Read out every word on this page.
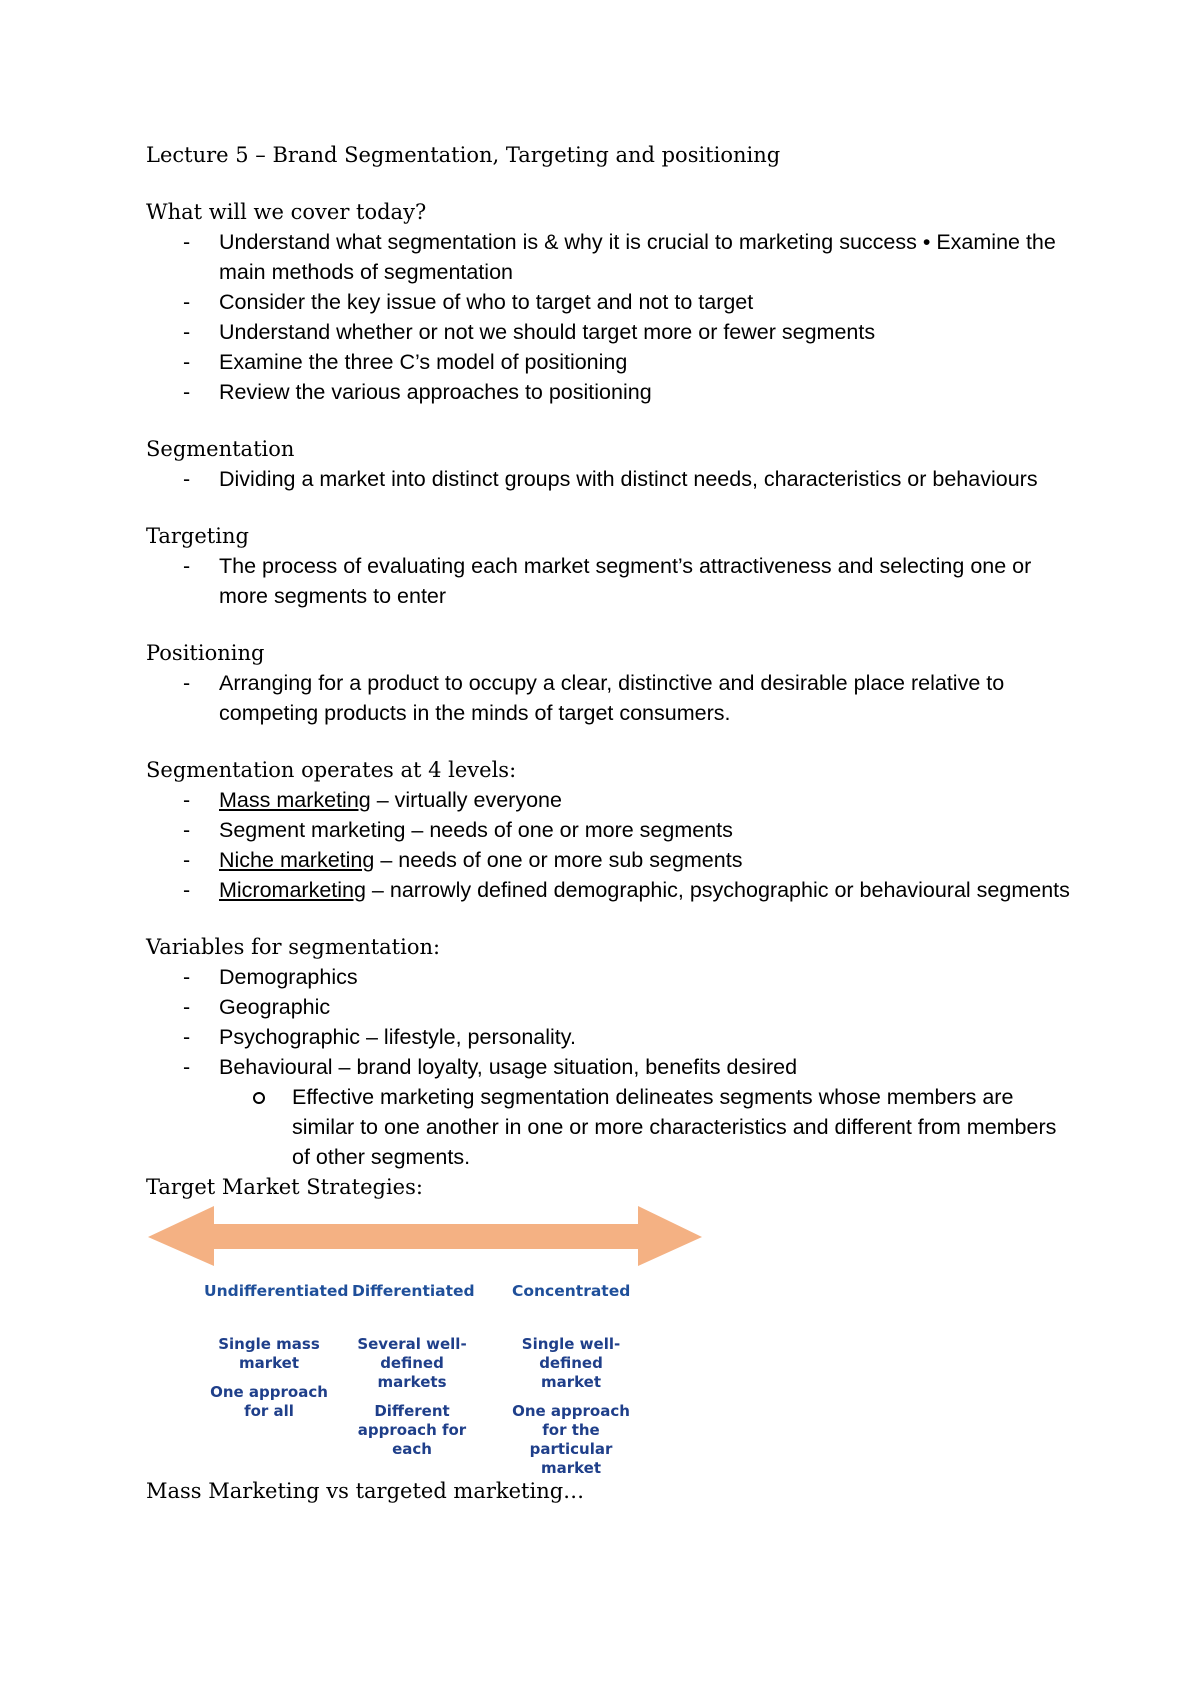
Lecture 5 – Brand Segmentation, Targeting and positioning

What will we cover today?

- Understand what segmentation is & why it is crucial to marketing success • Examine the main methods of segmentation
- Consider the key issue of who to target and not to target
- Understand whether or not we should target more or fewer segments
- Examine the three C’s model of positioning
- Review the various approaches to positioning

Segmentation

- Dividing a market into distinct groups with distinct needs, characteristics or behaviours

Targeting

- The process of evaluating each market segment’s attractiveness and selecting one or more segments to enter

Positioning

- Arranging for a product to occupy a clear, distinctive and desirable place relative to competing products in the minds of target consumers.

Segmentation operates at 4 levels:

- Mass marketing – virtually everyone
- Segment marketing – needs of one or more segments
- Niche marketing – needs of one or more sub segments
- Micromarketing – narrowly defined demographic, psychographic or behavioural segments

Variables for segmentation:

- Demographics
- Geographic
- Psychographic – lifestyle, personality.
- Behavioural – brand loyalty, usage situation, benefits desired
Effective marketing segmentation delineates segments whose members are similar to one another in one or more characteristics and different from members of other segments.

Target Market Strategies:

Undifferentiated
Single mass market
One approach for all
Differentiated
Several well-defined markets
Different approach for each
Concentrated
Single well-defined market
One approach for the particular market

Mass Marketing vs targeted marketing…
